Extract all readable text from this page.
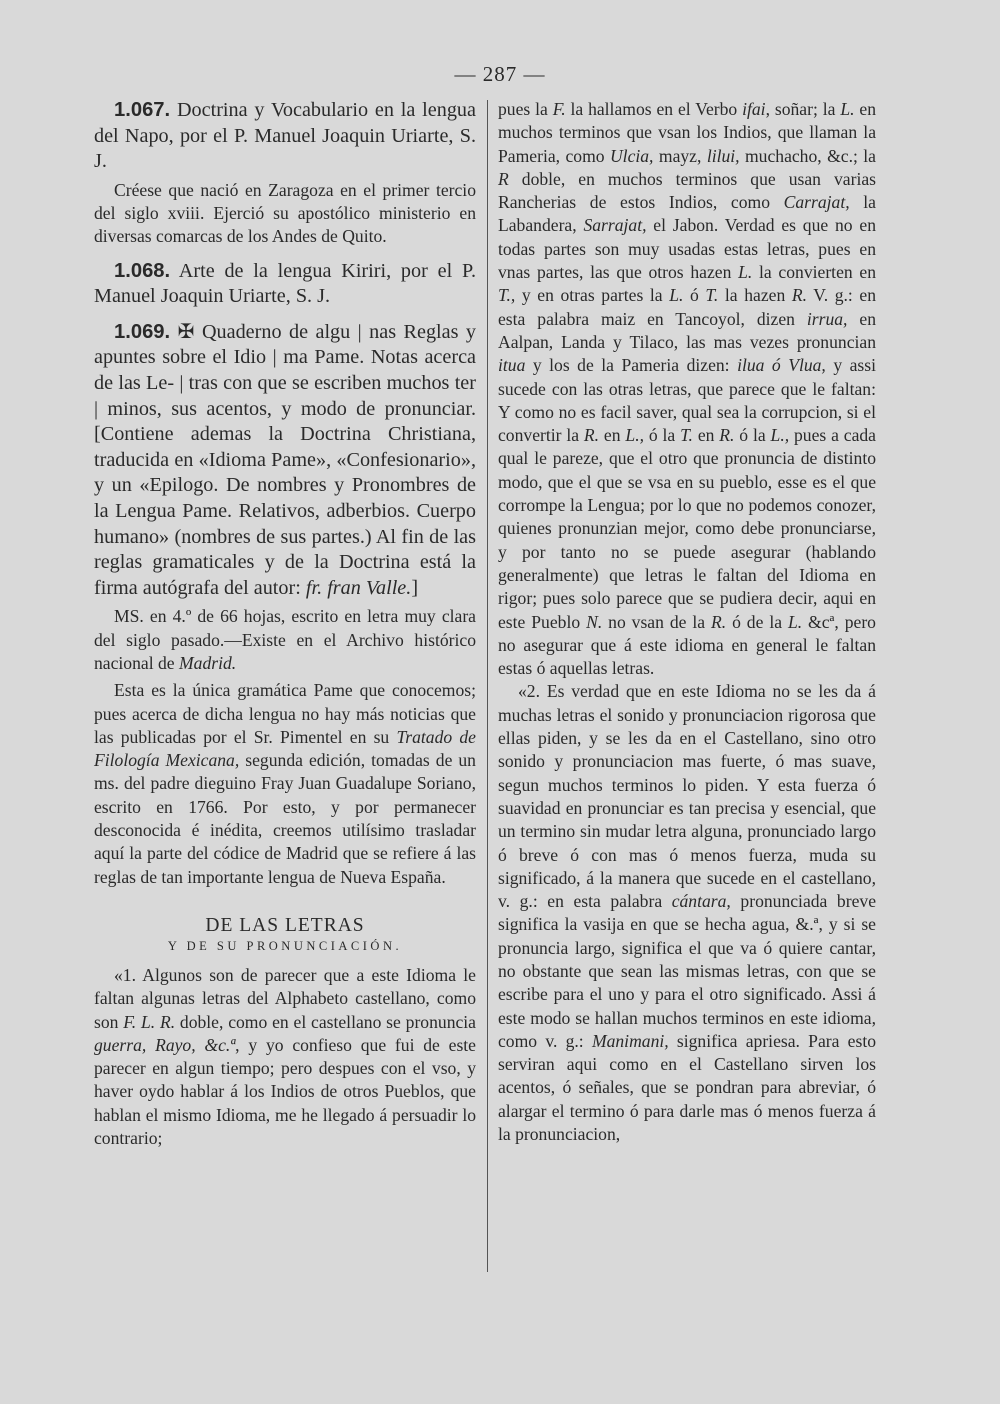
— 287 —

1.067. Doctrina y Vocabulario en la lengua del Napo, por el P. Manuel Joaquin Uriarte, S. J.

Créese que nació en Zaragoza en el primer tercio del siglo xviii. Ejerció su apostólico ministerio en diversas comarcas de los Andes de Quito.

1.068. Arte de la lengua Kiriri, por el P. Manuel Joaquin Uriarte, S. J.

1.069. ✠ Quaderno de algu | nas Reglas y apuntes sobre el Idio | ma Pame. Notas acerca de las Le- | tras con que se escriben muchos ter | minos, sus acentos, y modo de pronunciar. [Contiene ademas la Doctrina Christiana, traducida en «Idioma Pame», «Confesionario», y un «Epilogo. De nombres y Pronombres de la Lengua Pame. Relativos, adberbios. Cuerpo humano» (nombres de sus partes.) Al fin de las reglas gramaticales y de la Doctrina está la firma autógrafa del autor: fr. fran Valle.]

MS. en 4.º de 66 hojas, escrito en letra muy clara del siglo pasado.—Existe en el Archivo histórico nacional de Madrid.

Esta es la única gramática Pame que conocemos; pues acerca de dicha lengua no hay más noticias que las publicadas por el Sr. Pimentel en su Tratado de Filología Mexicana, segunda edición, tomadas de un ms. del padre dieguino Fray Juan Guadalupe Soriano, escrito en 1766. Por esto, y por permanecer desconocida é inédita, creemos utilísimo trasladar aquí la parte del códice de Madrid que se refiere á las reglas de tan importante lengua de Nueva España.

DE LAS LETRAS
Y DE SU PRONUNCIACIÓN.

«1. Algunos son de parecer que a este Idioma le faltan algunas letras del Alphabeto castellano, como son F. L. R. doble, como en el castellano se pronuncia guerra, Rayo, &c.ª, y yo confieso que fui de este parecer en algun tiempo; pero despues con el vso, y haver oydo hablar á los Indios de otros Pueblos, que hablan el mismo Idioma, me he llegado á persuadir lo contrario;

pues la F. la hallamos en el Verbo ifai, soñar; la L. en muchos terminos que vsan los Indios, que llaman la Pameria, como Ulcia, mayz, lilui, muchacho, &c.; la R doble, en muchos terminos que usan varias Rancherias de estos Indios, como Carrajat, la Labandera, Sarrajat, el Jabon. Verdad es que no en todas partes son muy usadas estas letras, pues en vnas partes, las que otros hazen L. la convierten en T., y en otras partes la L. ó T. la hazen R. V. g.: en esta palabra maiz en Tancoyol, dizen irrua, en Aalpan, Landa y Tilaco, las mas vezes pronuncian itua y los de la Pameria dizen: ilua ó Vlua, y assi sucede con las otras letras, que parece que le faltan: Y como no es facil saver, qual sea la corrupcion, si el convertir la R. en L., ó la T. en R. ó la L., pues a cada qual le pareze, que el otro que pronuncia de distinto modo, que el que se vsa en su pueblo, esse es el que corrompe la Lengua; por lo que no podemos conozer, quienes pronunzian mejor, como debe pronunciarse, y por tanto no se puede asegurar (hablando generalmente) que letras le faltan del Idioma en rigor; pues solo parece que se pudiera decir, aqui en este Pueblo N. no vsan de la R. ó de la L. &cª, pero no asegurar que á este idioma en general le faltan estas ó aquellas letras.

«2. Es verdad que en este Idioma no se les da á muchas letras el sonido y pronunciacion rigorosa que ellas piden, y se les da en el Castellano, sino otro sonido y pronunciacion mas fuerte, ó mas suave, segun muchos terminos lo piden. Y esta fuerza ó suavidad en pronunciar es tan precisa y esencial, que un termino sin mudar letra alguna, pronunciado largo ó breve ó con mas ó menos fuerza, muda su significado, á la manera que sucede en el castellano, v. g.: en esta palabra cántara, pronunciada breve significa la vasija en que se hecha agua, &.ª, y si se pronuncia largo, significa el que va ó quiere cantar, no obstante que sean las mismas letras, con que se escribe para el uno y para el otro significado. Assi á este modo se hallan muchos terminos en este idioma, como v. g.: Manimani, significa apriesa. Para esto serviran aqui como en el Castellano sirven los acentos, ó señales, que se pondran para abreviar, ó alargar el termino ó para darle mas ó menos fuerza á la pronunciacion,
